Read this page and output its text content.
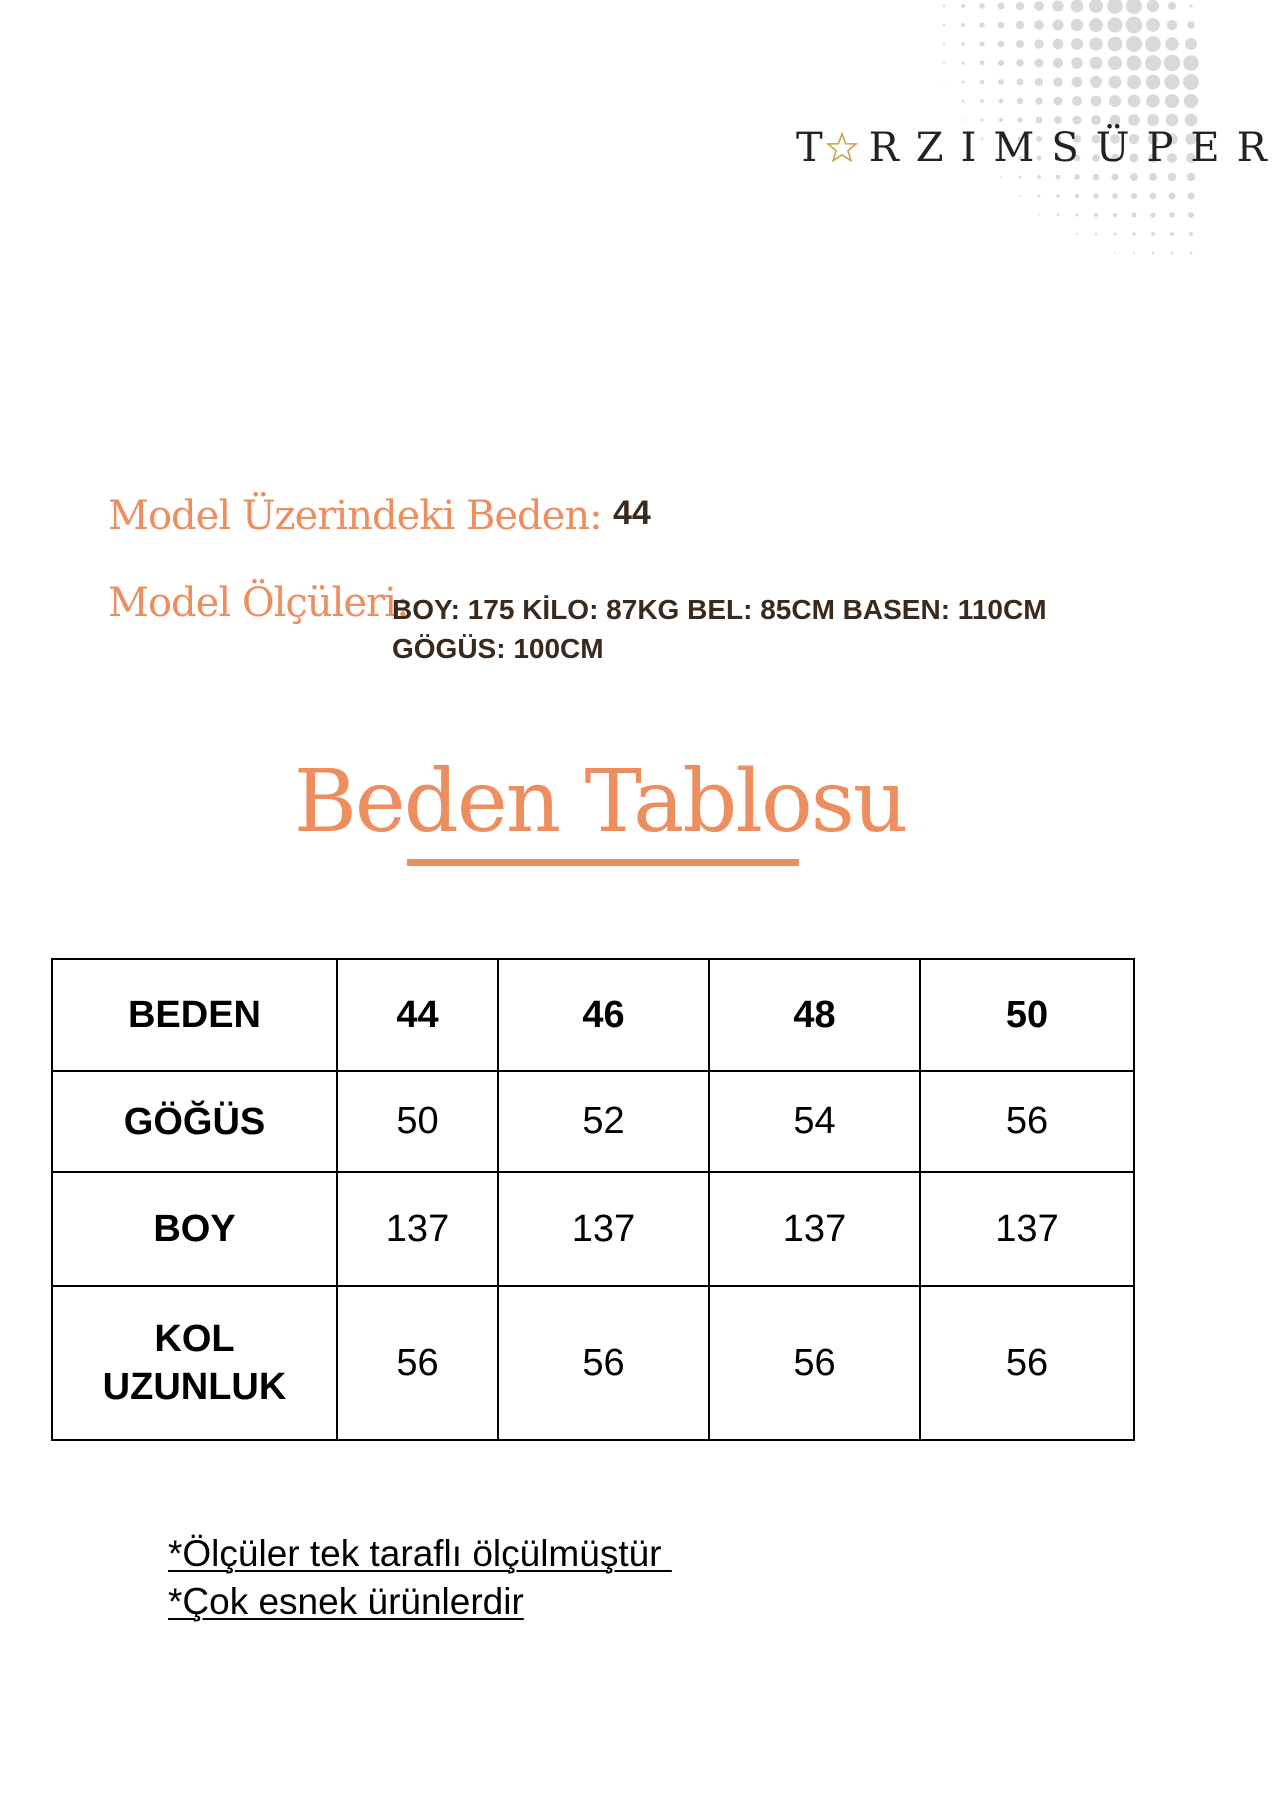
T RZIMSÜPER
Model Üzerindeki Beden: 44
Model Ölçüleri:
BOY: 175 KİLO: 87KG BEL: 85CM BASEN: 110CM
GÖGÜS: 100CM
Beden Tablosu
BEDEN	44	46	48	50
GÖĞÜS	50	52	54	56
BOY	137	137	137	137

KOL
UZUNLUK	56	56	56	56
*Ölçüler tek taraflı ölçülmüştür
*Çok esnek ürünlerdir
